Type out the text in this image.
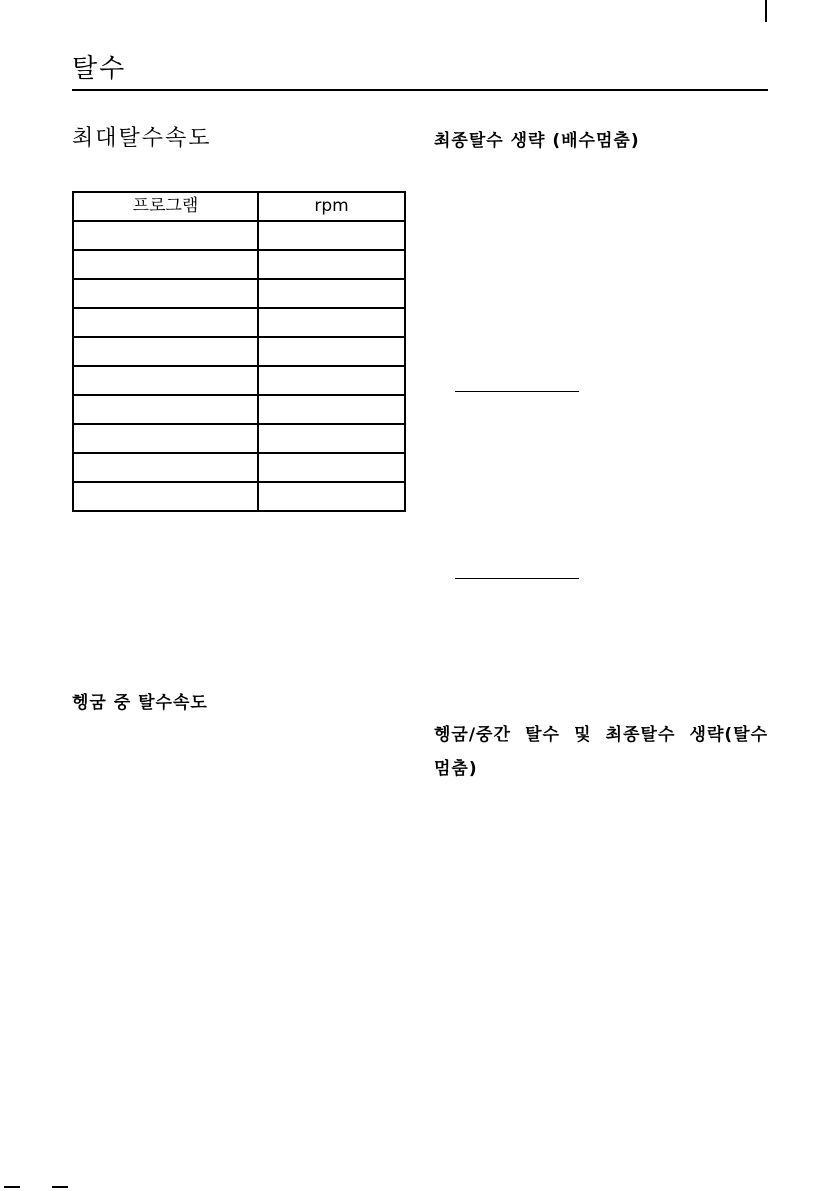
탈수
최대탈수속도
프로그램	rpm

헹굼 중 탈수속도
최종탈수 생략 (배수멈춤)
헹굼/중간 탈수 및 최종탈수 생략(탈수멈춤)
